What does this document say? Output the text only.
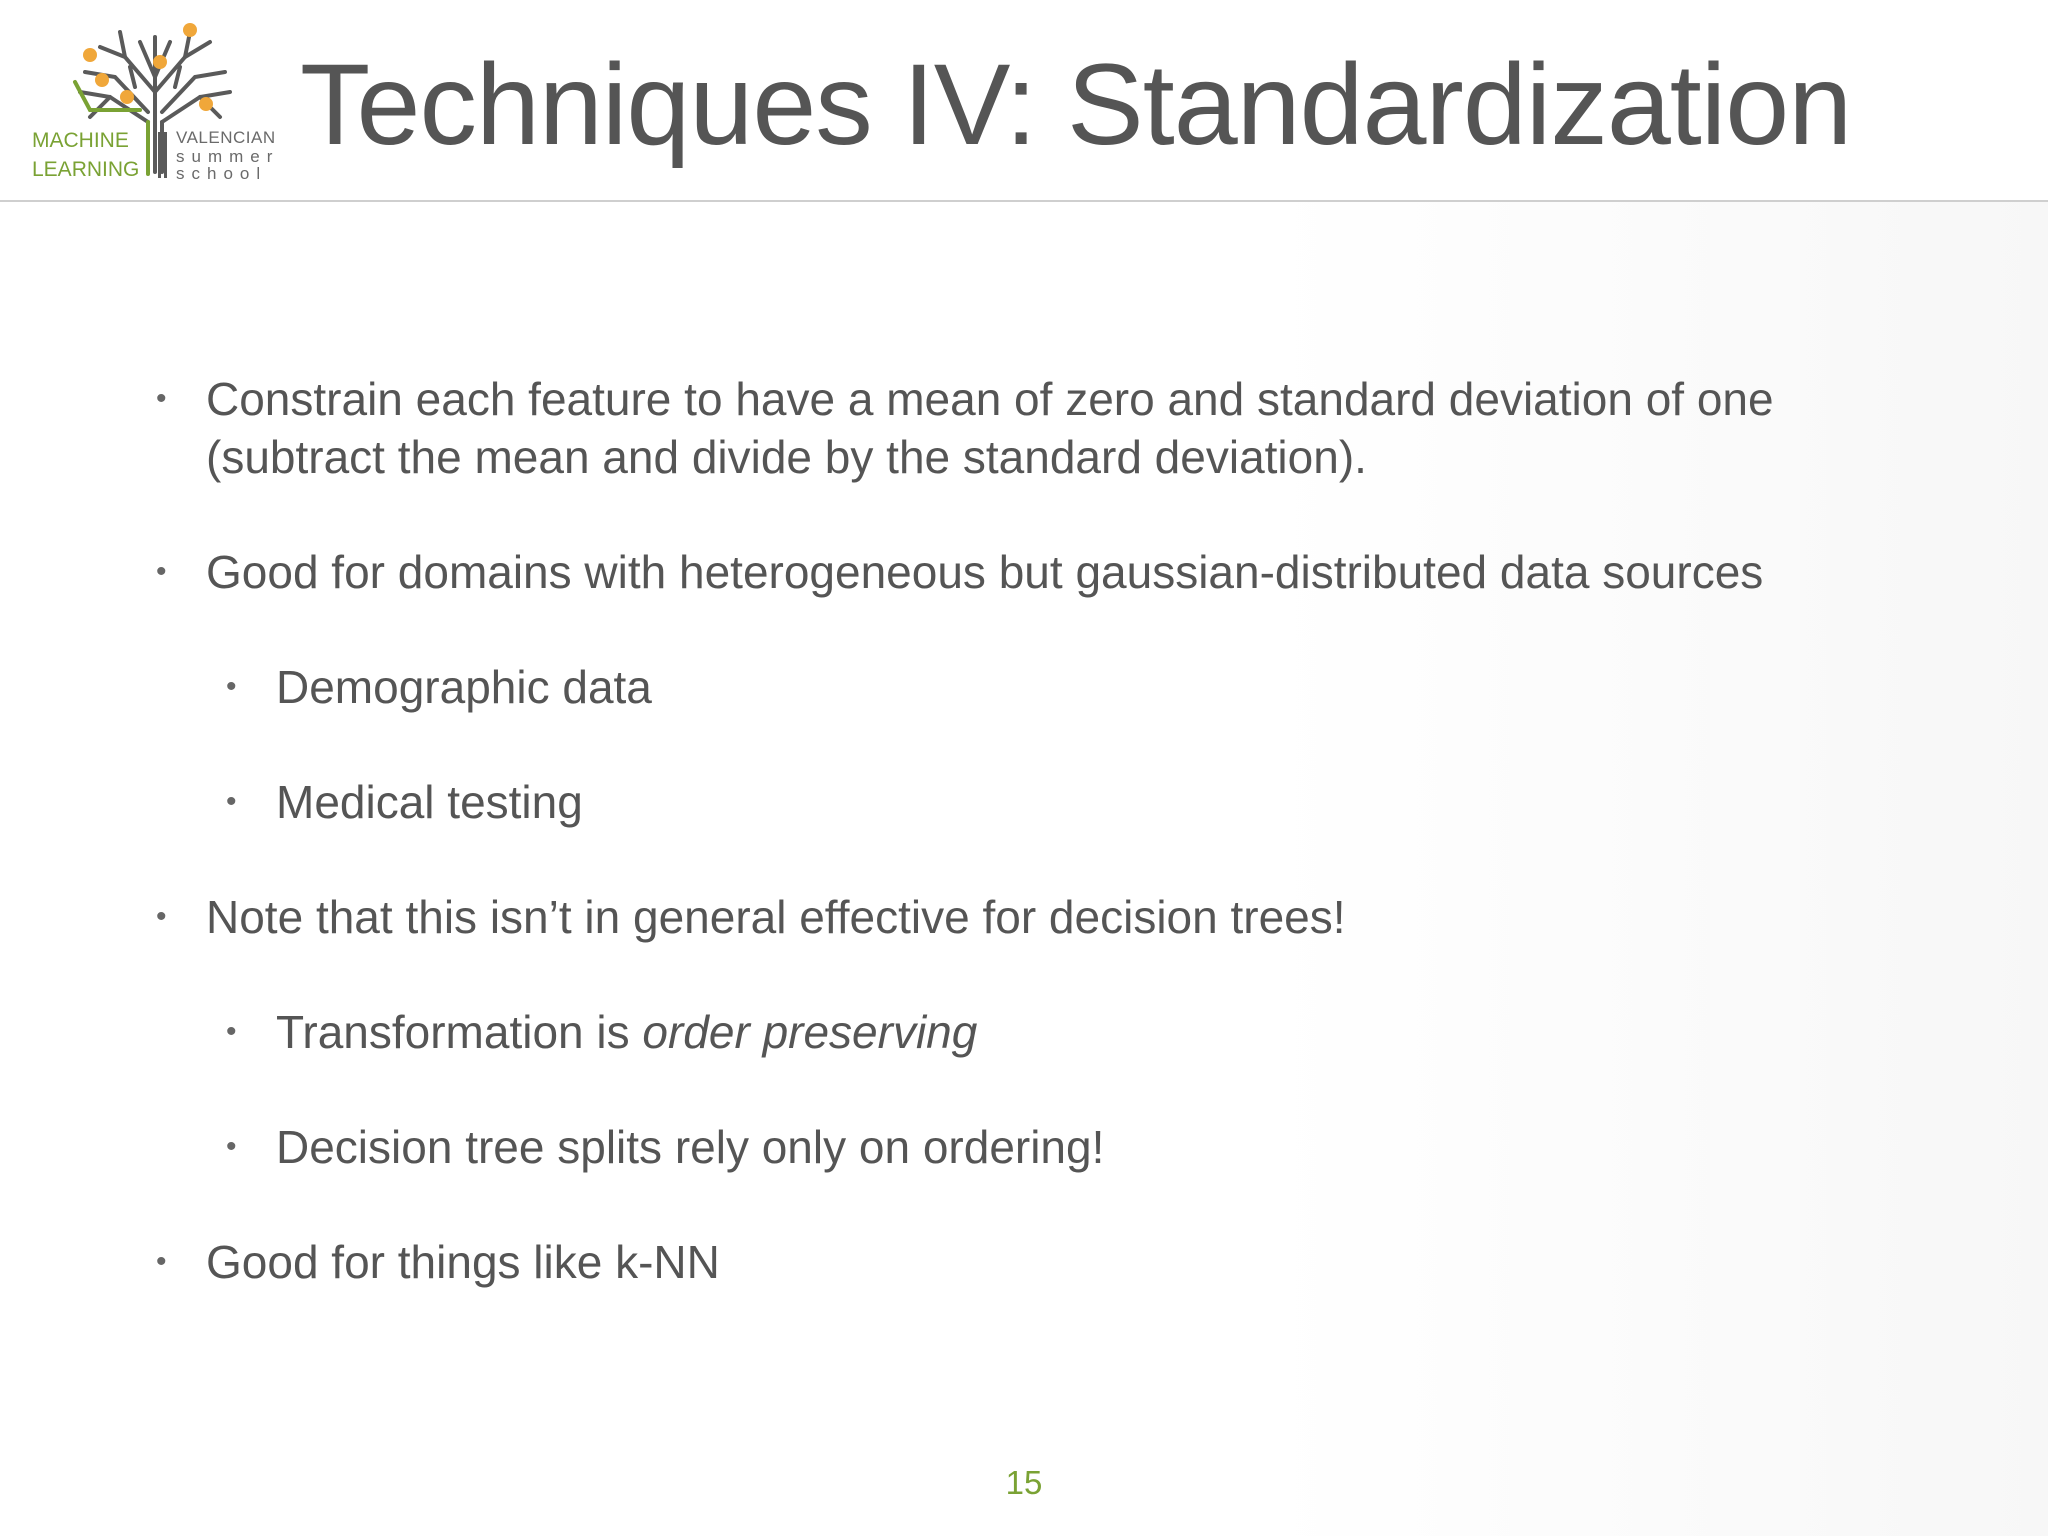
MACHINE
LEARNING
VALENCIAN
summer
school
Techniques IV: Standardization
• Constrain each feature to have a mean of zero and standard deviation of one
(subtract the mean and divide by the standard deviation).
• Good for domains with heterogeneous but gaussian-distributed data sources
• Demographic data
• Medical testing
• Note that this isn’t in general effective for decision trees!
• Transformation is order preserving
• Decision tree splits rely only on ordering!
• Good for things like k-NN
15
